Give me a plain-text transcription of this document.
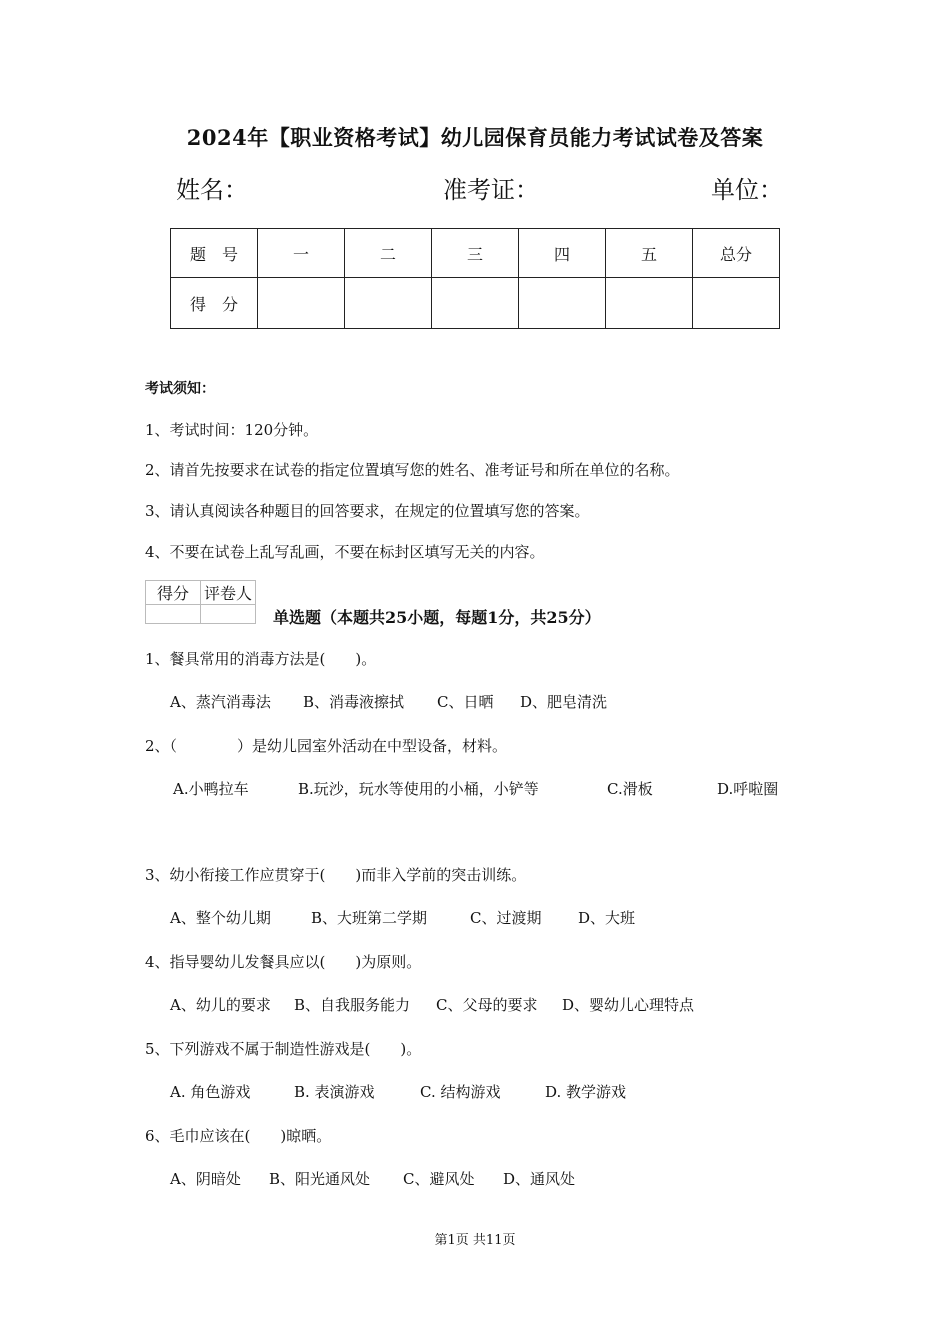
2024年【职业资格考试】幼儿园保育员能力考试试卷及答案
姓名：	准考证：	单位：
题　号	一	二	三	四	五	总分
得　分						
考试须知：
1、考试时间：120分钟。
2、请首先按要求在试卷的指定位置填写您的姓名、准考证号和所在单位的名称。
3、请认真阅读各种题目的回答要求，在规定的位置填写您的答案。
4、不要在试卷上乱写乱画，不要在标封区填写无关的内容。
得分	评卷人

单选题（本题共25小题，每题1分，共25分）
1、餐具常用的消毒方法是(　　)。
A、蒸汽消毒法 B、消毒液擦拭 C、日晒 D、肥皂清洗
2、（　　　　）是幼儿园室外活动在中型设备，材料。
A.小鸭拉车	B.玩沙，玩水等使用的小桶，小铲等	C.滑板	D.呼啦圈
3、幼小衔接工作应贯穿于(　　)而非入学前的突击训练。
A、整个幼儿期	B、大班第二学期	C、过渡期 D、大班
4、指导婴幼儿发餐具应以(　　)为原则。
A、幼儿的要求 B、自我服务能力 C、父母的要求 D、婴幼儿心理特点
5、下列游戏不属于制造性游戏是(　　)。
A. 角色游戏	B. 表演游戏	C. 结构游戏	D. 教学游戏
6、毛巾应该在(　　)晾晒。
A、阴暗处 B、阳光通风处 C、避风处 D、通风处
第1页 共11页
